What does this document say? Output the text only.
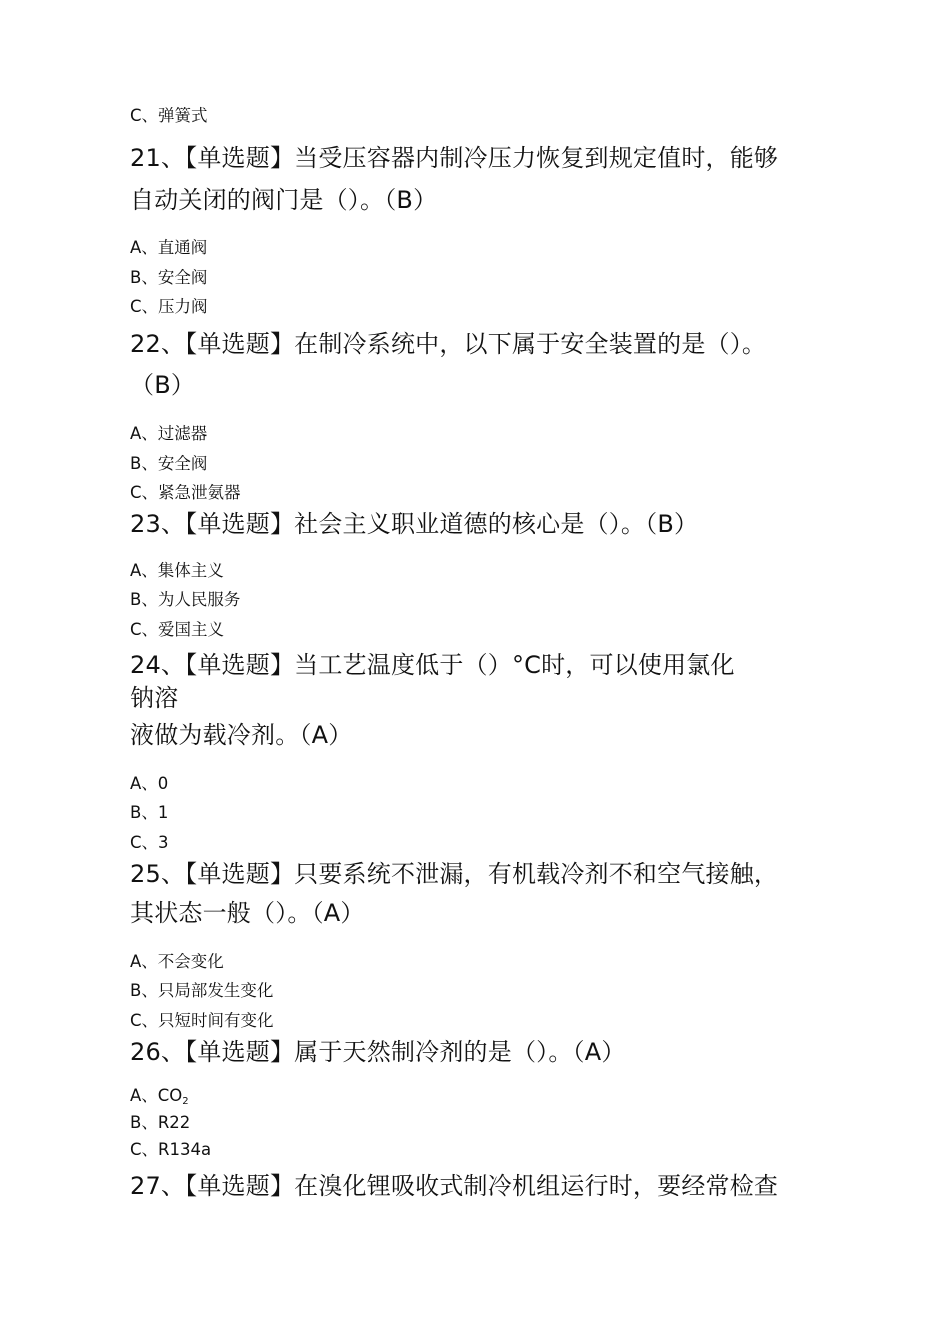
C、弹簧式
21、【单选题】当受压容器内制冷压力恢复到规定值时，能够
自动关闭的阀门是（）。（B）
A、直通阀
B、安全阀
C、压力阀
22、【单选题】在制冷系统中，以下属于安全装置的是（）。
（B）
A、过滤器
B、安全阀
C、紧急泄氨器
23、【单选题】社会主义职业道德的核心是（）。（B）
A、集体主义
B、为人民服务
C、爱国主义
24、【单选题】当工艺温度低于（）°C时，可以使用氯化
钠溶
液做为载冷剂。（A）
A、0
B、1
C、3
25、【单选题】只要系统不泄漏，有机载冷剂不和空气接触，
其状态一般（）。（A）
A、不会变化
B、只局部发生变化
C、只短时间有变化
26、【单选题】属于天然制冷剂的是（）。（A）
A、$CO_2$
B、R22
C、R134a
27、【单选题】在溴化锂吸收式制冷机组运行时，要经常检查
